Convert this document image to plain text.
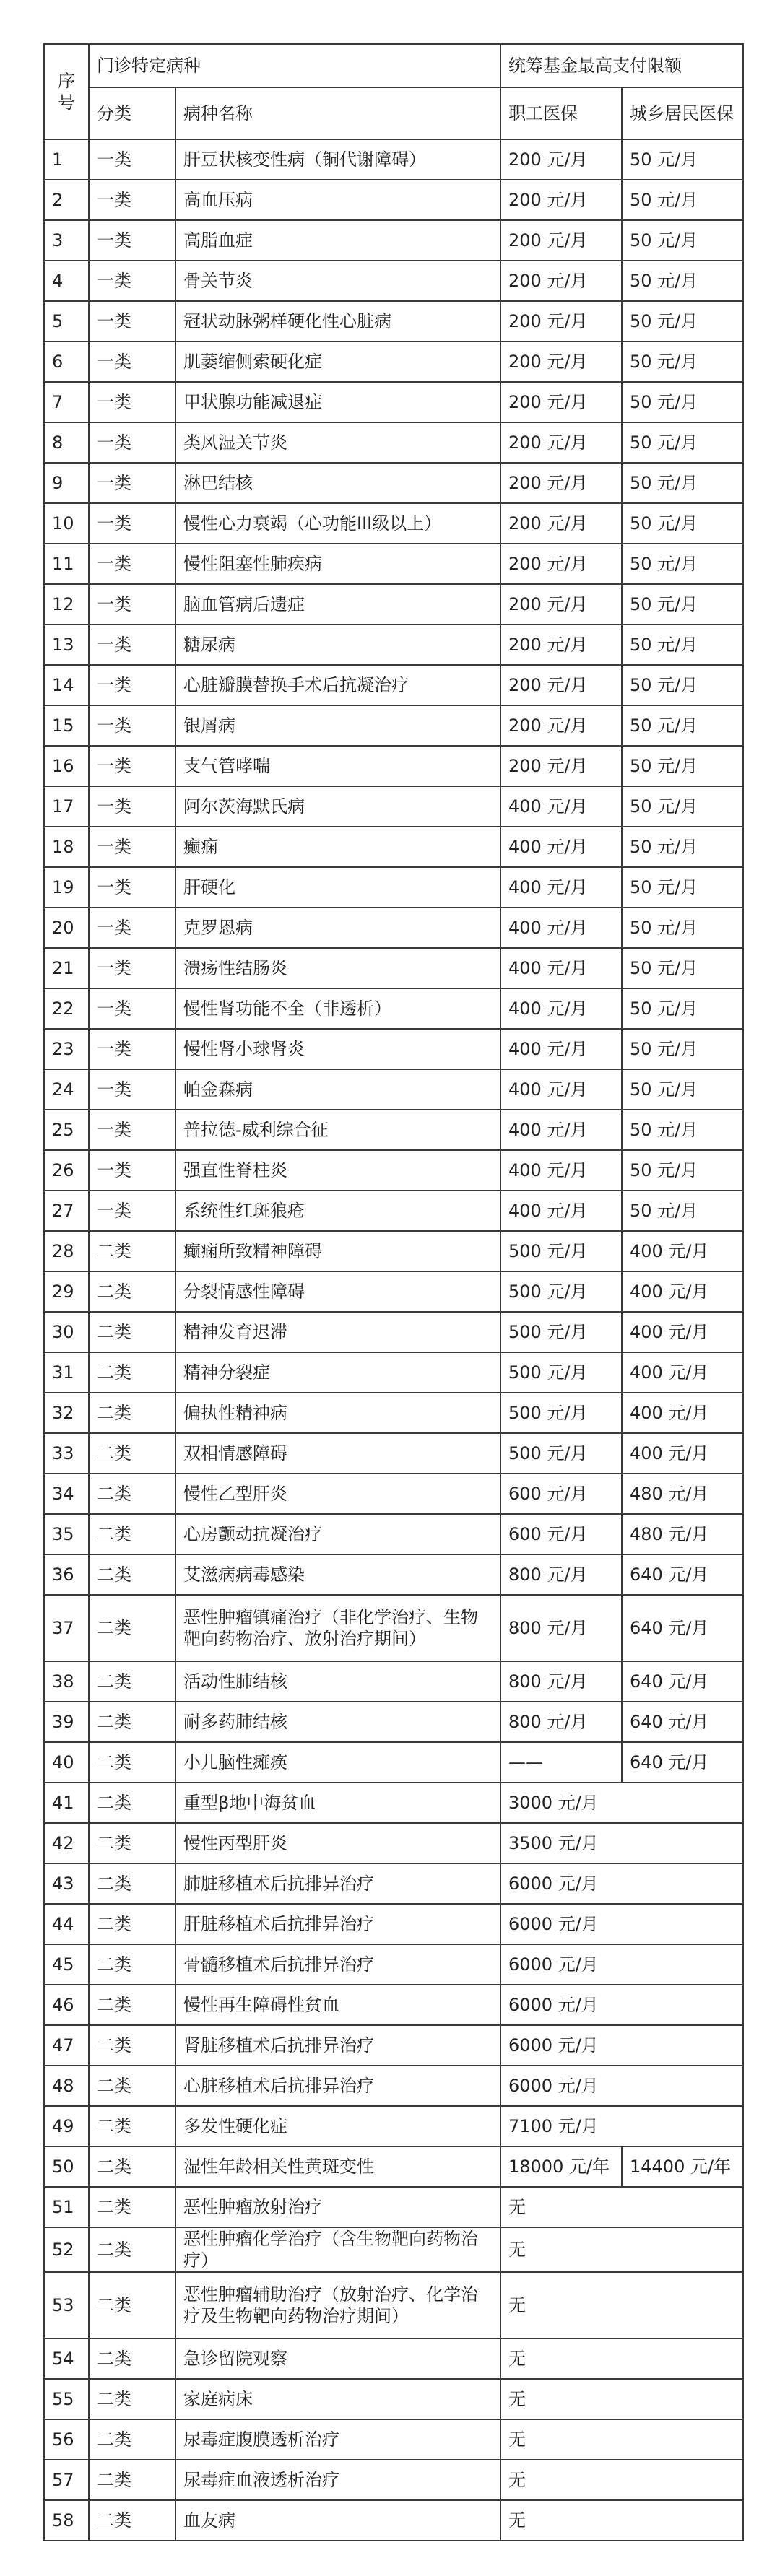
序号	门诊特定病种		统筹基金最高支付限额	
	分类	病种名称	职工医保	城乡居民医保
1	一类	肝豆状核变性病（铜代谢障碍）	200 元/月	50 元/月
2	一类	高血压病	200 元/月	50 元/月
3	一类	高脂血症	200 元/月	50 元/月
4	一类	骨关节炎	200 元/月	50 元/月
5	一类	冠状动脉粥样硬化性心脏病	200 元/月	50 元/月
6	一类	肌萎缩侧索硬化症	200 元/月	50 元/月
7	一类	甲状腺功能减退症	200 元/月	50 元/月
8	一类	类风湿关节炎	200 元/月	50 元/月
9	一类	淋巴结核	200 元/月	50 元/月
10	一类	慢性心力衰竭（心功能III级以上）	200 元/月	50 元/月
11	一类	慢性阻塞性肺疾病	200 元/月	50 元/月
12	一类	脑血管病后遗症	200 元/月	50 元/月
13	一类	糖尿病	200 元/月	50 元/月
14	一类	心脏瓣膜替换手术后抗凝治疗	200 元/月	50 元/月
15	一类	银屑病	200 元/月	50 元/月
16	一类	支气管哮喘	200 元/月	50 元/月
17	一类	阿尔茨海默氏病	400 元/月	50 元/月
18	一类	癫痫	400 元/月	50 元/月
19	一类	肝硬化	400 元/月	50 元/月
20	一类	克罗恩病	400 元/月	50 元/月
21	一类	溃疡性结肠炎	400 元/月	50 元/月
22	一类	慢性肾功能不全（非透析）	400 元/月	50 元/月
23	一类	慢性肾小球肾炎	400 元/月	50 元/月
24	一类	帕金森病	400 元/月	50 元/月
25	一类	普拉德-威利综合征	400 元/月	50 元/月
26	一类	强直性脊柱炎	400 元/月	50 元/月
27	一类	系统性红斑狼疮	400 元/月	50 元/月
28	二类	癫痫所致精神障碍	500 元/月	400 元/月
29	二类	分裂情感性障碍	500 元/月	400 元/月
30	二类	精神发育迟滞	500 元/月	400 元/月
31	二类	精神分裂症	500 元/月	400 元/月
32	二类	偏执性精神病	500 元/月	400 元/月
33	二类	双相情感障碍	500 元/月	400 元/月
34	二类	慢性乙型肝炎	600 元/月	480 元/月
35	二类	心房颤动抗凝治疗	600 元/月	480 元/月
36	二类	艾滋病病毒感染	800 元/月	640 元/月
37	二类	恶性肿瘤镇痛治疗（非化学治疗、生物靶向药物治疗、放射治疗期间）	800 元/月	640 元/月
38	二类	活动性肺结核	800 元/月	640 元/月
39	二类	耐多药肺结核	800 元/月	640 元/月
40	二类	小儿脑性瘫痪	——	640 元/月
41	二类	重型β地中海贫血	3000 元/月	
42	二类	慢性丙型肝炎	3500 元/月	
43	二类	肺脏移植术后抗排异治疗	6000 元/月	
44	二类	肝脏移植术后抗排异治疗	6000 元/月	
45	二类	骨髓移植术后抗排异治疗	6000 元/月	
46	二类	慢性再生障碍性贫血	6000 元/月	
47	二类	肾脏移植术后抗排异治疗	6000 元/月	
48	二类	心脏移植术后抗排异治疗	6000 元/月	
49	二类	多发性硬化症	7100 元/月	
50	二类	湿性年龄相关性黄斑变性	18000 元/年	14400 元/年
51	二类	恶性肿瘤放射治疗	无	
52	二类	恶性肿瘤化学治疗（含生物靶向药物治疗）	无	
53	二类	恶性肿瘤辅助治疗（放射治疗、化学治疗及生物靶向药物治疗期间）	无	
54	二类	急诊留院观察	无	
55	二类	家庭病床	无	
56	二类	尿毒症腹膜透析治疗	无	
57	二类	尿毒症血液透析治疗	无	
58	二类	血友病	无	
